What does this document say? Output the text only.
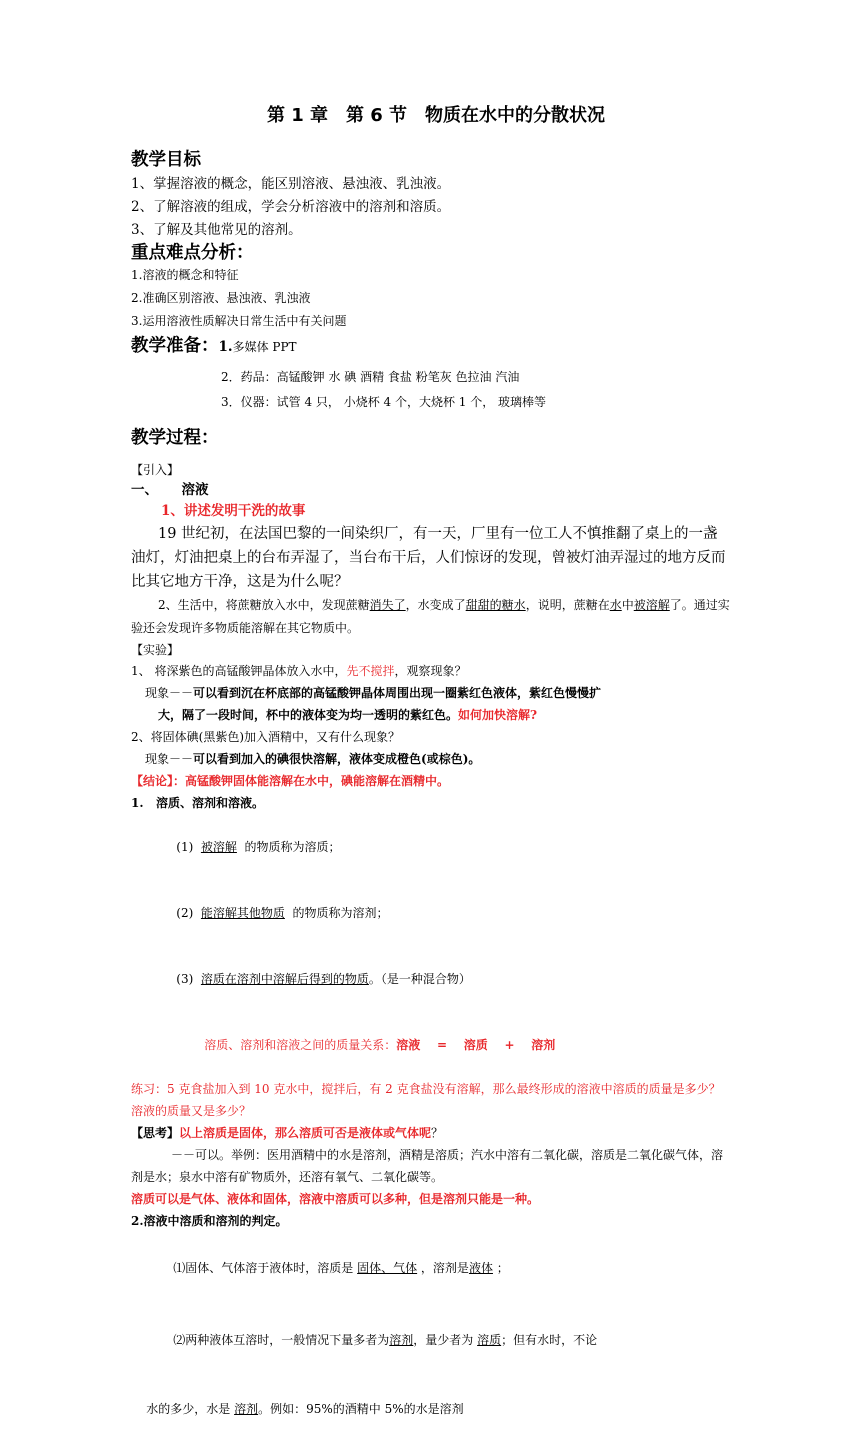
第 1 章　第 6 节　物质在水中的分散状况
教学目标
1、掌握溶液的概念，能区别溶液、悬浊液、乳浊液。
2、了解溶液的组成，学会分析溶液中的溶剂和溶质。
3、了解及其他常见的溶剂。
重点难点分析：
1.溶液的概念和特征
2.准确区别溶液、悬浊液、乳浊液
3.运用溶液性质解决日常生活中有关问题
教学准备：1.多媒体 PPT
2．药品：高锰酸钾 水 碘 酒精 食盐 粉笔灰 色拉油 汽油
3．仪器：试管 4 只， 小烧杯 4 个，大烧杯 1 个， 玻璃棒等
教学过程：
【引入】
一、     溶液
1、讲述发明干洗的故事
19 世纪初，在法国巴黎的一间染织厂，有一天，厂里有一位工人不慎推翻了桌上的一盏油灯，灯油把桌上的台布弄湿了，当台布干后，人们惊讶的发现，曾被灯油弄湿过的地方反而比其它地方干净，这是为什么呢？
2、生活中，将蔗糖放入水中，发现蔗糖消失了，水变成了甜甜的糖水，说明，蔗糖在水中被溶解了。通过实验还会发现许多物质能溶解在其它物质中。
【实验】
1、 将深紫色的高锰酸钾晶体放入水中，先不搅拌，观察现象？
现象－－可以看到沉在杯底部的高锰酸钾晶体周围出现一圈紫红色液体，紫红色慢慢扩
大，隔了一段时间，杯中的液体变为均一透明的紫红色。如何加快溶解?
2、将固体碘(黑紫色)加入酒精中，又有什么现象？
现象－－可以看到加入的碘很快溶解，液体变成橙色(或棕色)。
【结论】：高锰酸钾固体能溶解在水中，碘能溶解在酒精中。
1.   溶质、溶剂和溶液。

(1)  被溶解  的物质称为溶质；

(2)  能溶解其他物质  的物质称为溶剂；

(3)  溶质在溶剂中溶解后得到的物质。（是一种混合物）

溶质、溶剂和溶液之间的质量关系：溶液    =    溶质    +    溶剂

练习：5 克食盐加入到 10 克水中，搅拌后，有 2 克食盐没有溶解，那么最终形成的溶液中溶质的质量是多少？溶液的质量又是多少？
【思考】以上溶质是固体，那么溶质可否是液体或气体呢？
－－可以。举例：医用酒精中的水是溶剂，酒精是溶质；汽水中溶有二氧化碳，溶质是二氧化碳气体，溶剂是水；泉水中溶有矿物质外，还溶有氧气、二氧化碳等。
溶质可以是气体、液体和固体，溶液中溶质可以多种，但是溶剂只能是一种。
2.溶液中溶质和溶剂的判定。

⑴固体、气体溶于液体时，溶质是 固体、气体 ，溶剂是液体 ；

⑵两种液体互溶时，一般情况下量多者为溶剂，量少者为 溶质；但有水时，不论

水的多少，水是 溶剂。例如：95%的酒精中 5%的水是溶剂
